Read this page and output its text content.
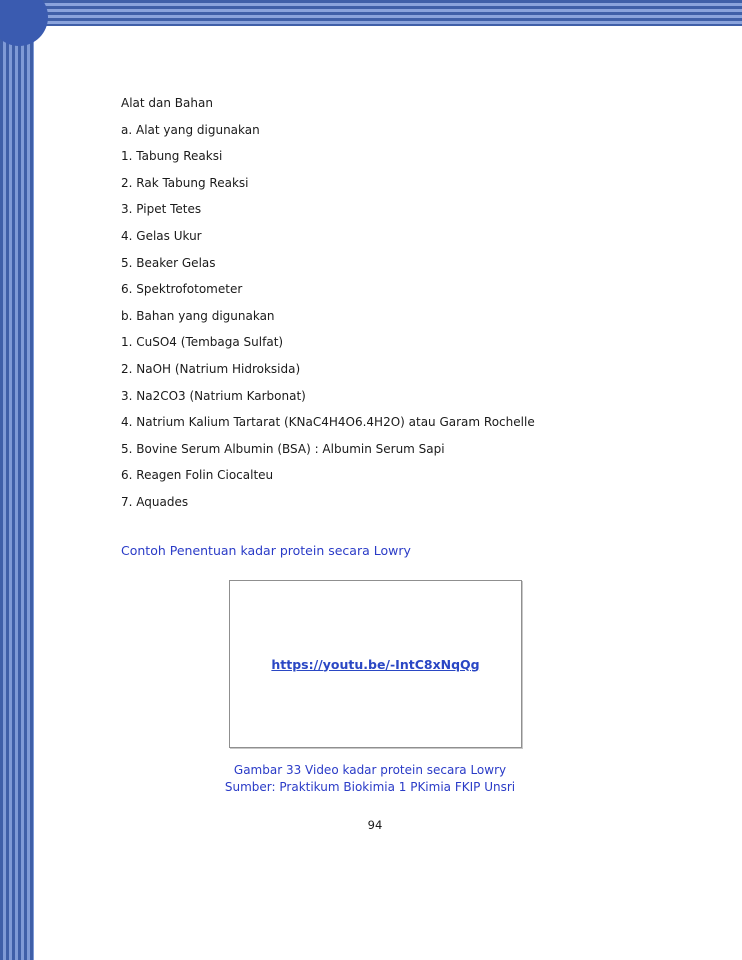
Alat dan Bahan
a. Alat yang digunakan
1. Tabung Reaksi
2. Rak Tabung Reaksi
3. Pipet Tetes
4. Gelas Ukur
5. Beaker Gelas
6. Spektrofotometer
b. Bahan yang digunakan
1. CuSO4 (Tembaga Sulfat)
2. NaOH (Natrium Hidroksida)
3. Na2CO3 (Natrium Karbonat)
4. Natrium Kalium Tartarat (KNaC4H4O6.4H2O) atau Garam Rochelle
5. Bovine Serum Albumin (BSA) : Albumin Serum Sapi
6. Reagen Folin Ciocalteu
7. Aquades
Contoh Penentuan kadar protein secara Lowry
https://youtu.be/-IntC8xNqQg
Gambar 33 Video kadar protein secara Lowry
Sumber: Praktikum Biokimia 1 PKimia FKIP Unsri
94
